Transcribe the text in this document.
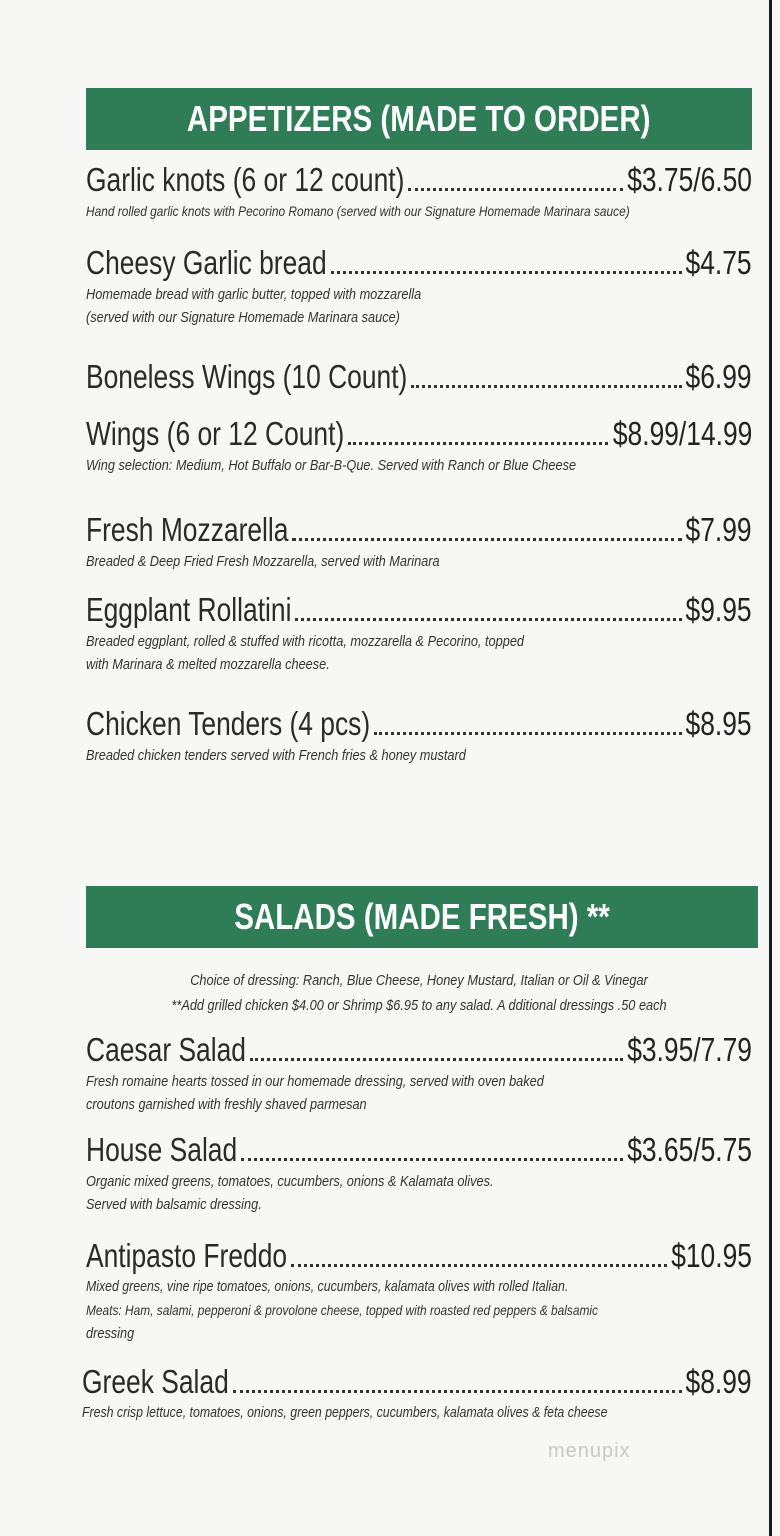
APPETIZERS (MADE TO ORDER)
Garlic knots (6 or 12 count)	$3.75/6.50
Hand rolled garlic knots with Pecorino Romano (served with our Signature Homemade Marinara sauce)
Cheesy Garlic bread	$4.75
Homemade bread with garlic butter, topped with mozzarella
(served with our Signature Homemade Marinara sauce)
Boneless Wings (10 Count)	$6.99
Wings (6 or 12 Count)	$8.99/14.99
Wing selection: Medium, Hot Buffalo or Bar-B-Que. Served with Ranch or Blue Cheese
Fresh Mozzarella	$7.99
Breaded & Deep Fried Fresh Mozzarella, served with Marinara
Eggplant Rollatini	$9.95
Breaded eggplant, rolled & stuffed with ricotta, mozzarella & Pecorino, topped
with Marinara & melted mozzarella cheese.
Chicken Tenders (4 pcs)	$8.95
Breaded chicken tenders served with French fries & honey mustard
SALADS (MADE FRESH) **
Choice of dressing: Ranch, Blue Cheese, Honey Mustard, Italian or Oil & Vinegar
**Add grilled chicken $4.00 or Shrimp $6.95 to any salad. A dditional dressings .50 each
Caesar Salad	$3.95/7.79
Fresh romaine hearts tossed in our homemade dressing, served with oven baked
croutons garnished with freshly shaved parmesan
House Salad	$3.65/5.75
Organic mixed greens, tomatoes, cucumbers, onions & Kalamata olives.
Served with balsamic dressing.
Antipasto Freddo	$10.95
Mixed greens, vine ripe tomatoes, onions, cucumbers, kalamata olives with rolled Italian.
Meats: Ham, salami, pepperoni & provolone cheese, topped with roasted red peppers & balsamic
dressing
Greek Salad	$8.99
Fresh crisp lettuce, tomatoes, onions, green peppers, cucumbers, kalamata olives & feta cheese
menupix
